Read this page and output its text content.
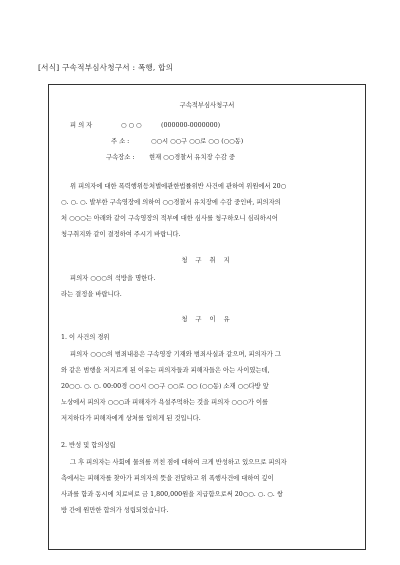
[서식] 구속적부심사청구서 : 폭행, 합의
구속적부심사청구서
피 의 자	○ ○ ○	(000000-0000000)
주 소 :	○○시 ○○구 ○○로 ○○ (○○동)
구속장소 : 현재 ○○경찰서 유치장 수감 중
위 피의자에 대한 폭력행위등처벌에관한법률위반 사건에 관하여 위원에서 20○
○. ○. ○. 발부한 구속영장에 의하여 ○○경찰서 유치장에 수감 중인바, 피의자의
처 ○○○는 아래와 같이 구속영장의 적부에 대한 심사를 청구하오니 심리하시어
청구취지와 같이 결정하여 주시기 바랍니다.
청 구 취 지
피의자 ○○○의 석방을 명한다.
라는 결정을 바랍니다.
청 구 이 유
1. 이 사건의 경위
피의자 ○○○의 범죄내용은 구속영장 기재와 범죄사실과 같으며, 피의자가 그
와 같은 범행을 저지르게 된 이유는 피의자들과 피해자들은 아는 사이였는데,
20○○. ○. ○. 00:00경 ○○시 ○○구 ○○로 ○○ (○○동) 소재 ○○다방 앞
노상에서 피의자 ○○○과 피해자가 욕설주먹하는 것을 피의자 ○○○가 이를
저지하다가 피해자에게 상처를 입히게 된 것입니다.
2. 반성 및 합의성립
그 후 피의자는 사회에 물의를 끼친 점에 대하여 크게 반성하고 있으므로 피의자
측에서는 피해자를 찾아가 피의자의 뜻을 전달하고 위 폭행사건에 대하여 깊이
사과를 함과 동시에 치료비로 금 1,800,000원을 지급함으로써 20○○. ○. ○. 쌍
방 간에 원만한 합의가 성립되었습니다.
